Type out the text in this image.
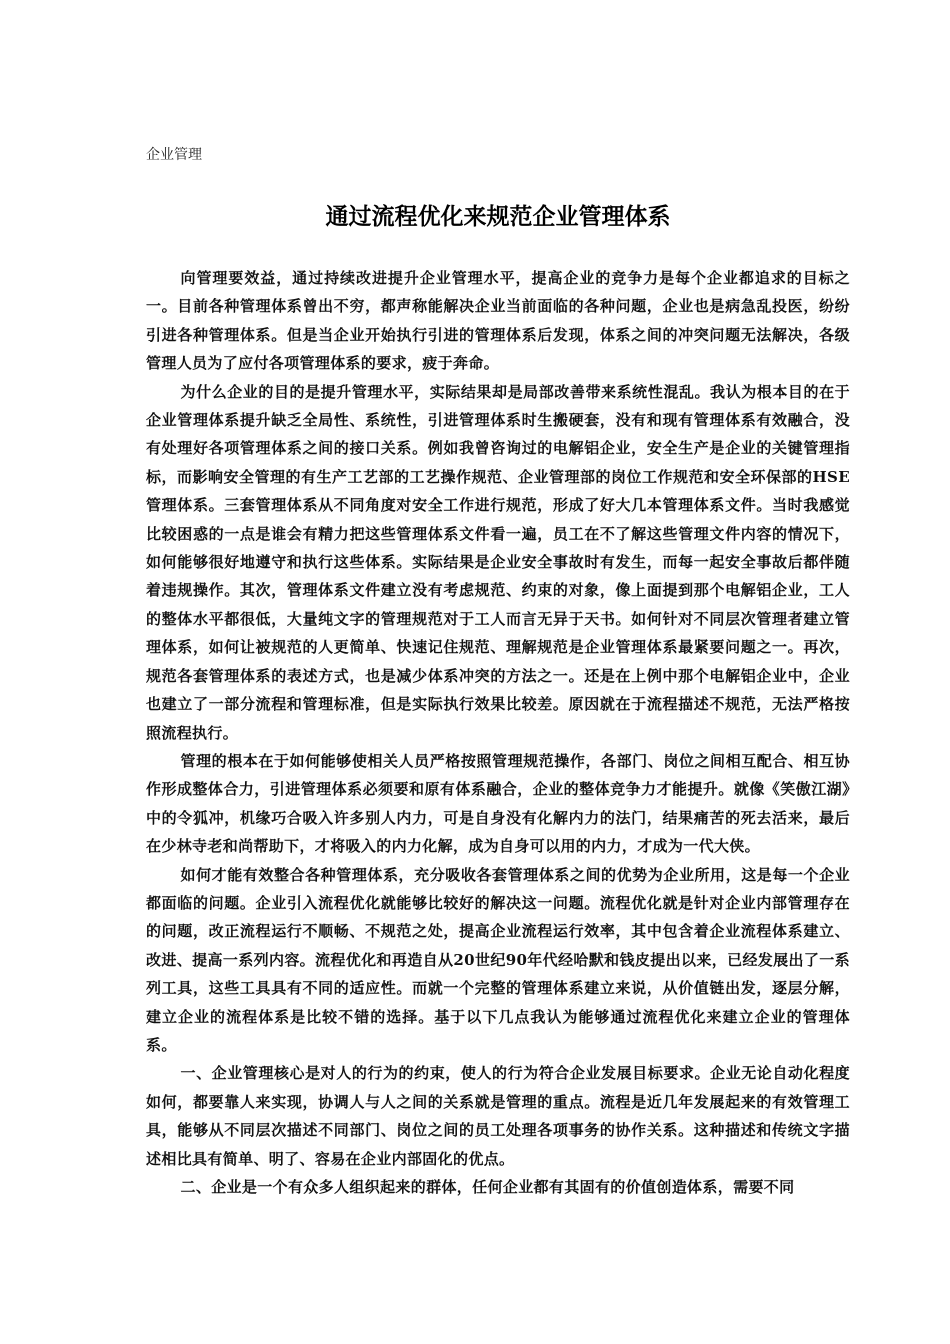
企业管理
通过流程优化来规范企业管理体系

向管理要效益，通过持续改进提升企业管理水平，提高企业的竞争力是每个企业都追求的目标之一。目前各种管理体系曾出不穷，都声称能解决企业当前面临的各种问题，企业也是病急乱投医，纷纷引进各种管理体系。但是当企业开始执行引进的管理体系后发现，体系之间的冲突问题无法解决，各级管理人员为了应付各项管理体系的要求，疲于奔命。

为什么企业的目的是提升管理水平，实际结果却是局部改善带来系统性混乱。我认为根本目的在于企业管理体系提升缺乏全局性、系统性，引进管理体系时生搬硬套，没有和现有管理体系有效融合，没有处理好各项管理体系之间的接口关系。例如我曾咨询过的电解铝企业，安全生产是企业的关键管理指标，而影响安全管理的有生产工艺部的工艺操作规范、企业管理部的岗位工作规范和安全环保部的HSE管理体系。三套管理体系从不同角度对安全工作进行规范，形成了好大几本管理体系文件。当时我感觉比较困惑的一点是谁会有精力把这些管理体系文件看一遍，员工在不了解这些管理文件内容的情况下，如何能够很好地遵守和执行这些体系。实际结果是企业安全事故时有发生，而每一起安全事故后都伴随着违规操作。其次，管理体系文件建立没有考虑规范、约束的对象，像上面提到那个电解铝企业，工人的整体水平都很低，大量纯文字的管理规范对于工人而言无异于天书。如何针对不同层次管理者建立管理体系，如何让被规范的人更简单、快速记住规范、理解规范是企业管理体系最紧要问题之一。再次，规范各套管理体系的表述方式，也是减少体系冲突的方法之一。还是在上例中那个电解铝企业中，企业也建立了一部分流程和管理标准，但是实际执行效果比较差。原因就在于流程描述不规范，无法严格按照流程执行。

管理的根本在于如何能够使相关人员严格按照管理规范操作，各部门、岗位之间相互配合、相互协作形成整体合力，引进管理体系必须要和原有体系融合，企业的整体竞争力才能提升。就像《笑傲江湖》中的令狐冲，机缘巧合吸入许多别人内力，可是自身没有化解内力的法门，结果痛苦的死去活来，最后在少林寺老和尚帮助下，才将吸入的内力化解，成为自身可以用的内力，才成为一代大侠。

如何才能有效整合各种管理体系，充分吸收各套管理体系之间的优势为企业所用，这是每一个企业都面临的问题。企业引入流程优化就能够比较好的解决这一问题。流程优化就是针对企业内部管理存在的问题，改正流程运行不顺畅、不规范之处，提高企业流程运行效率，其中包含着企业流程体系建立、改进、提高一系列内容。流程优化和再造自从20世纪90年代经哈默和钱皮提出以来，已经发展出了一系列工具，这些工具具有不同的适应性。而就一个完整的管理体系建立来说，从价值链出发，逐层分解，建立企业的流程体系是比较不错的选择。基于以下几点我认为能够通过流程优化来建立企业的管理体系。

一、企业管理核心是对人的行为的约束，使人的行为符合企业发展目标要求。企业无论自动化程度如何，都要靠人来实现，协调人与人之间的关系就是管理的重点。流程是近几年发展起来的有效管理工具，能够从不同层次描述不同部门、岗位之间的员工处理各项事务的协作关系。这种描述和传统文字描述相比具有简单、明了、容易在企业内部固化的优点。

二、企业是一个有众多人组织起来的群体，任何企业都有其固有的价值创造体系，需要不同
